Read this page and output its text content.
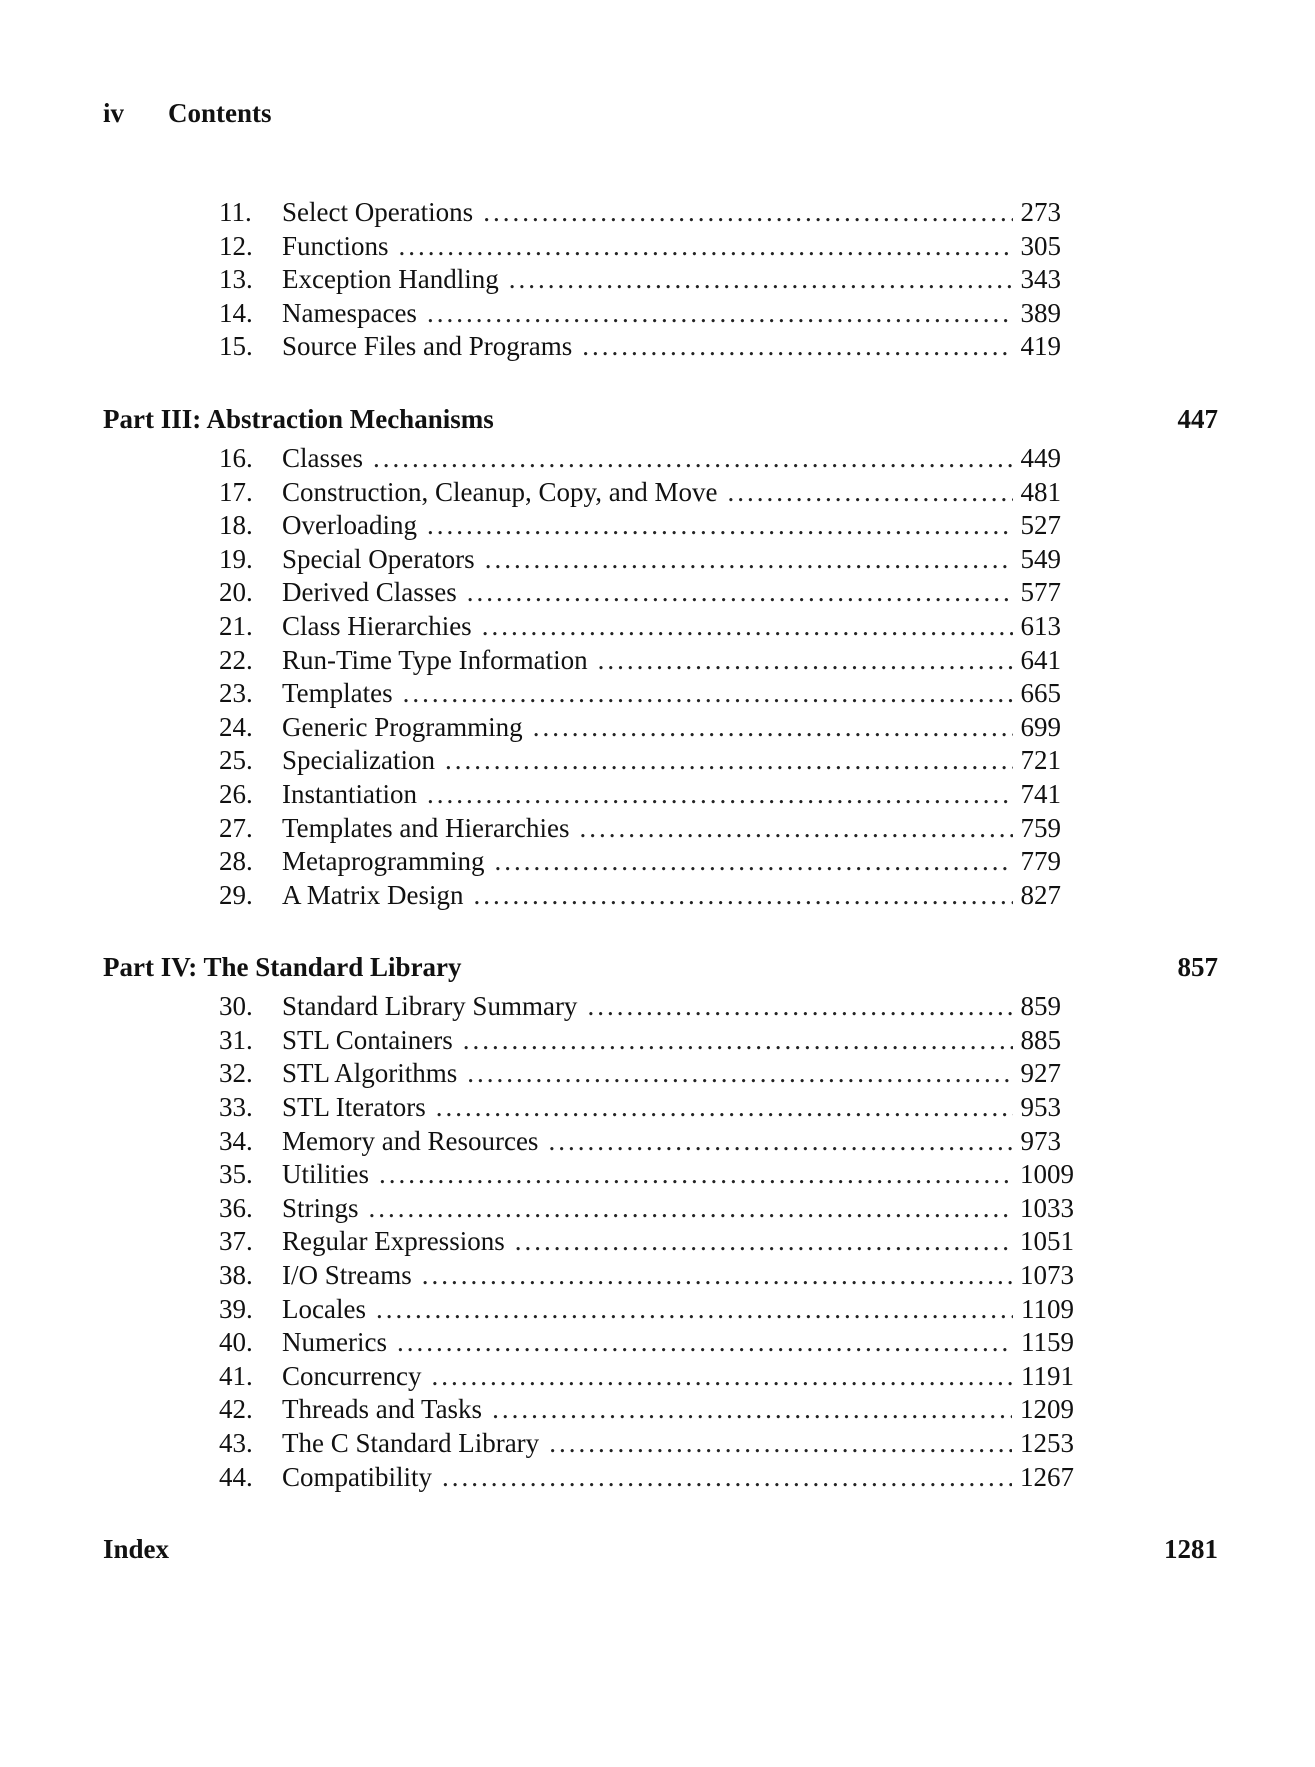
iv Contents
11. Select Operations .....	273
12. Functions .....	305
13. Exception Handling .....	343
14. Namespaces .....	389
15. Source Files and Programs .....	419
Part III: Abstraction Mechanisms	447
16. Classes .....	449
17. Construction, Cleanup, Copy, and Move .....	481
18. Overloading .....	527
19. Special Operators .....	549
20. Derived Classes .....	577
21. Class Hierarchies .....	613
22. Run-Time Type Information .....	641
23. Templates .....	665
24. Generic Programming .....	699
25. Specialization .....	721
26. Instantiation .....	741
27. Templates and Hierarchies .....	759
28. Metaprogramming .....	779
29. A Matrix Design .....	827
Part IV: The Standard Library	857
30. Standard Library Summary .....	859
31. STL Containers .....	885
32. STL Algorithms .....	927
33. STL Iterators .....	953
34. Memory and Resources .....	973
35. Utilities .....	1009
36. Strings .....	1033
37. Regular Expressions .....	1051
38. I/O Streams .....	1073
39. Locales .....	1109
40. Numerics .....	1159
41. Concurrency .....	1191
42. Threads and Tasks .....	1209
43. The C Standard Library .....	1253
44. Compatibility .....	1267
Index	1281
